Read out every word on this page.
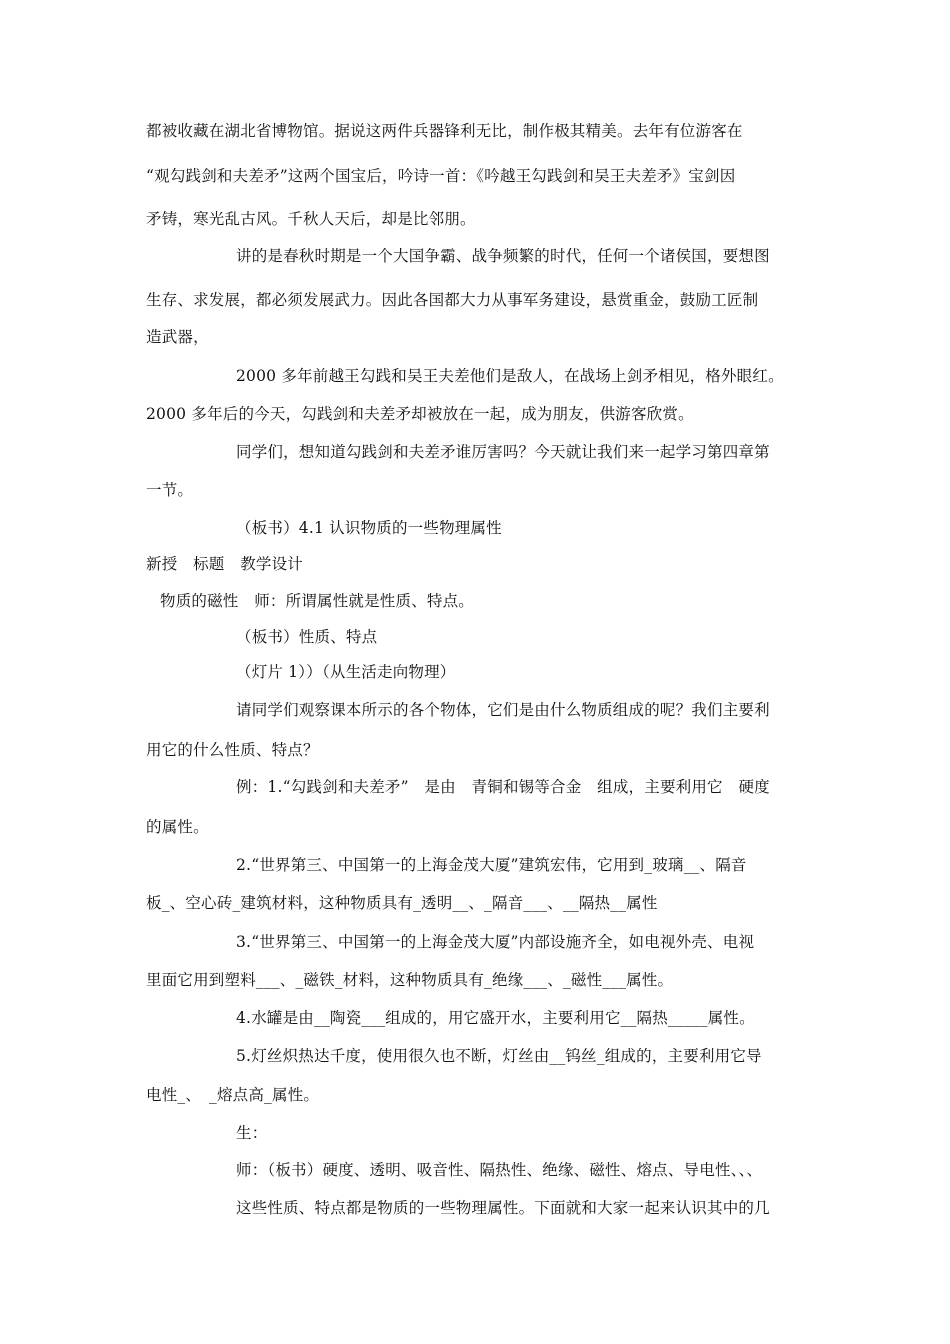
都被收藏在湖北省博物馆。据说这两件兵器锋利无比，制作极其精美。去年有位游客在
“观勾践剑和夫差矛”这两个国宝后，吟诗一首：《吟越王勾践剑和吴王夫差矛》宝剑因
矛铸，寒光乱古风。千秋人天后，却是比邻朋。
讲的是春秋时期是一个大国争霸、战争频繁的时代，任何一个诸侯国，要想图
生存、求发展，都必须发展武力。因此各国都大力从事军务建设，悬赏重金，鼓励工匠制
造武器，
2000 多年前越王勾践和吴王夫差他们是敌人，在战场上剑矛相见，格外眼红。
2000 多年后的今天，勾践剑和夫差矛却被放在一起，成为朋友，供游客欣赏。
同学们，想知道勾践剑和夫差矛谁厉害吗？今天就让我们来一起学习第四章第
一节。
（板书）4.1 认识物质的一些物理属性
新授　标题　教学设计
物质的磁性　师：所谓属性就是性质、特点。
（板书）性质、特点
（灯片 1））（从生活走向物理）
请同学们观察课本所示的各个物体，它们是由什么物质组成的呢？我们主要利
用它的什么性质、特点？
例：1.“勾践剑和夫差矛”　是由　青铜和锡等合金　组成，主要利用它　硬度
的属性。
2.“世界第三、中国第一的上海金茂大厦”建筑宏伟，它用到_玻璃__、隔音
板_、空心砖_建筑材料，这种物质具有_透明__、_隔音___、__隔热__属性
3.“世界第三、中国第一的上海金茂大厦”内部设施齐全，如电视外壳、电视
里面它用到塑料___、_磁铁_材料，这种物质具有_绝缘___、_磁性___属性。
4.水罐是由__陶瓷___组成的，用它盛开水，主要利用它__隔热_____属性。
5.灯丝炽热达千度，使用很久也不断，灯丝由__钨丝_组成的，主要利用它导
电性_、　_熔点高_属性。
生：
师：（板书）硬度、透明、吸音性、隔热性、绝缘、磁性、熔点、导电性、、、
这些性质、特点都是物质的一些物理属性。下面就和大家一起来认识其中的几
